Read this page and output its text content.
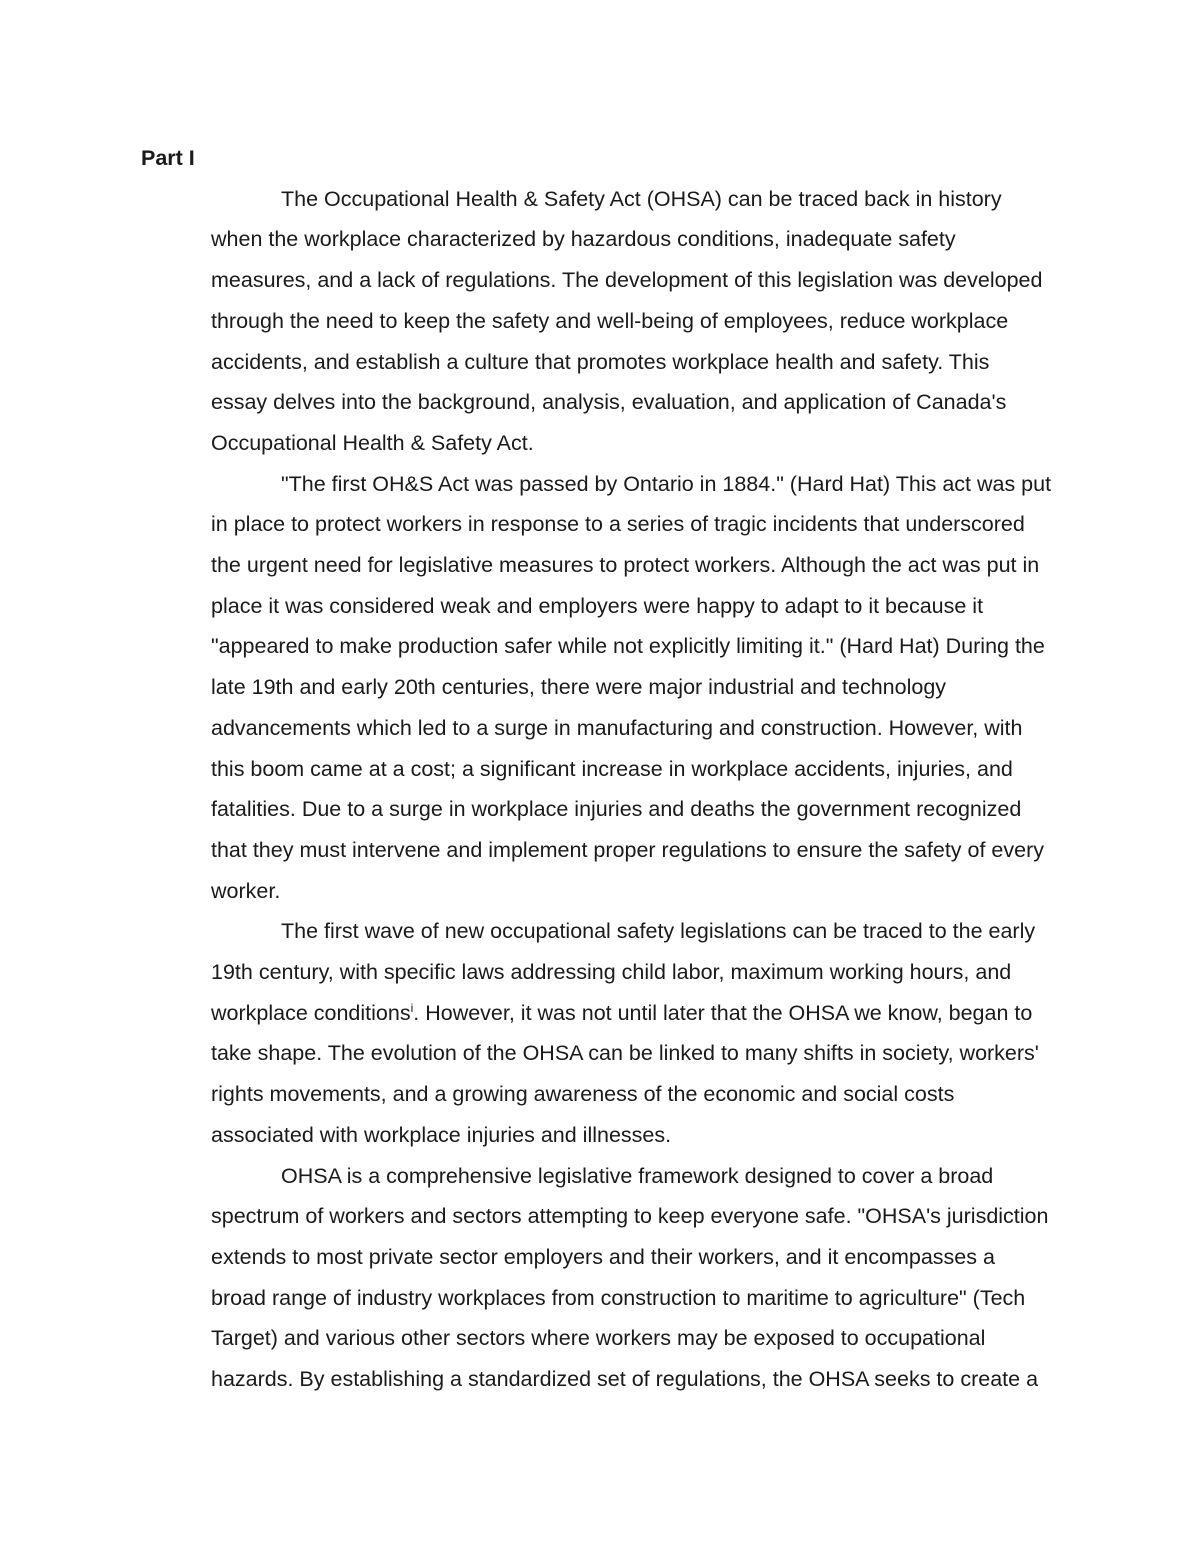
Part I

The Occupational Health & Safety Act (OHSA) can be traced back in history
when the workplace characterized by hazardous conditions, inadequate safety
measures, and a lack of regulations. The development of this legislation was developed
through the need to keep the safety and well-being of employees, reduce workplace
accidents, and establish a culture that promotes workplace health and safety. This
essay delves into the background, analysis, evaluation, and application of Canada's
Occupational Health & Safety Act.

"The first OH&S Act was passed by Ontario in 1884." (Hard Hat) This act was put
in place to protect workers in response to a series of tragic incidents that underscored
the urgent need for legislative measures to protect workers. Although the act was put in
place it was considered weak and employers were happy to adapt to it because it
"appeared to make production safer while not explicitly limiting it." (Hard Hat) During the
late 19th and early 20th centuries, there were major industrial and technology
advancements which led to a surge in manufacturing and construction. However, with
this boom came at a cost; a significant increase in workplace accidents, injuries, and
fatalities. Due to a surge in workplace injuries and deaths the government recognized
that they must intervene and implement proper regulations to ensure the safety of every
worker.

The first wave of new occupational safety legislations can be traced to the early
19th century, with specific laws addressing child labor, maximum working hours, and
workplace conditions$^i$. However, it was not until later that the OHSA we know, began to
take shape. The evolution of the OHSA can be linked to many shifts in society, workers'
rights movements, and a growing awareness of the economic and social costs
associated with workplace injuries and illnesses.

OHSA is a comprehensive legislative framework designed to cover a broad
spectrum of workers and sectors attempting to keep everyone safe. "OHSA's jurisdiction
extends to most private sector employers and their workers, and it encompasses a
broad range of industry workplaces from construction to maritime to agriculture" (Tech
Target) and various other sectors where workers may be exposed to occupational
hazards. By establishing a standardized set of regulations, the OHSA seeks to create a
